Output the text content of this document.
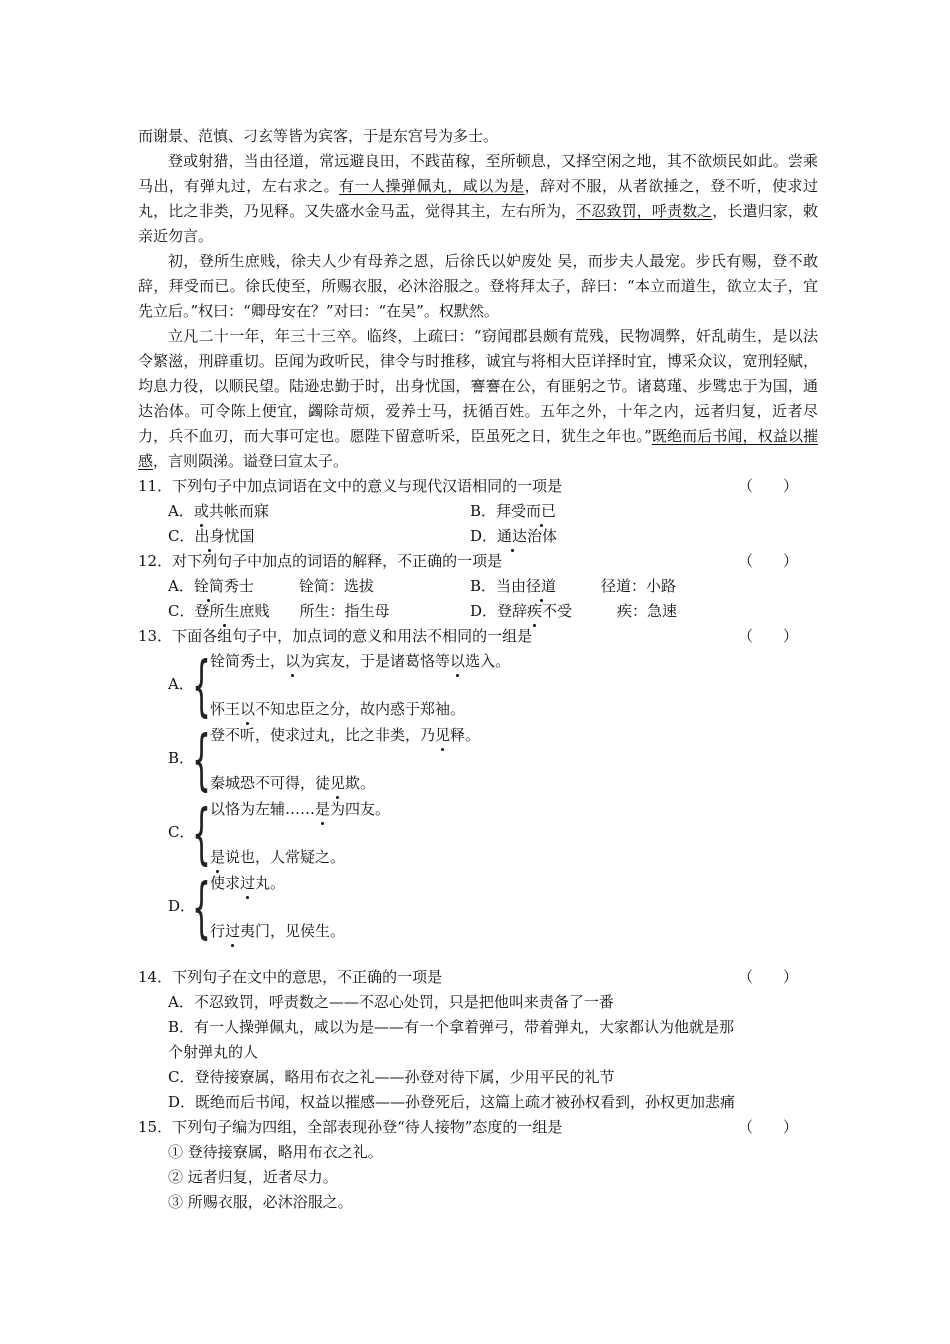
而谢景、范慎、刁玄等皆为宾客，于是东宫号为多士。

登或射猎，当由径道，常远避良田，不践苗稼，至所顿息，又择空闲之地，其不欲烦民如此。尝乘马出，有弹丸过，左右求之。有一人操弹佩丸，咸以为是，辞对不服，从者欲捶之，登不听，使求过丸，比之非类，乃见释。又失盛水金马盂，觉得其主，左右所为，不忍致罚，呼责数之，长遣归家，敕亲近勿言。

初，登所生庶贱，徐夫人少有母养之恩，后徐氏以妒废处 吴，而步夫人最宠。步氏有赐，登不敢辞，拜受而已。徐氏使至，所赐衣服，必沐浴服之。登将拜太子，辞曰：“本立而道生，欲立太子，宜先立后。”权曰：“卿母安在？”对曰：“在吴”。权默然。

立凡二十一年，年三十三卒。临终，上疏曰：“窃闻郡县颇有荒残，民物凋弊，奸乱萌生，是以法令繁滋，刑辟重切。臣闻为政听民，律令与时推移，诚宜与将相大臣详择时宜，博采众议，宽刑轻赋，均息力役，以顺民望。陆逊忠勤于时，出身忧国，謇謇在公，有匪躬之节。诸葛瑾、步骘忠于为国，通达治体。可令陈上便宜，蠲除苛烦，爱养士马，抚循百姓。五年之外，十年之内，远者归复，近者尽力，兵不血刃，而大事可定也。愿陛下留意听采，臣虽死之日，犹生之年也。”既绝而后书闻，权益以摧感，言则陨涕。谥登曰宣太子。

11．下列句子中加点词语在文中的意义与现代汉语相同的一项是	（　　）
A．或共帐而寐	B．拜受而已
C．出身忧国	D．通达治体
12．对下列句子中加点的词语的解释，不正确的一项是	（　　）
A．铨简秀士　　　铨简：选拔	B．当由径道　　　径道：小路
C．登所生庶贱　　所生：指生母	D．登辞疾不受　　　疾：急速
13．下面各组句子中，加点词的意义和用法不相同的一组是	（　　）
A．
{ 铨简秀士，以为宾友，于是诸葛恪等以选入。
怀王以不知忠臣之分，故内惑于郑袖。
B．
{ 登不听，使求过丸，比之非类，乃见释。
秦城恐不可得，徒见欺。
C．
{ 以恪为左辅……是为四友。
是说也，人常疑之。
D．
{ 使求过丸。
行过夷门，见侯生。
14．下列句子在文中的意思，不正确的一项是	（　　）
A．不忍致罚，呼责数之——不忍心处罚，只是把他叫来责备了一番
B．有一人操弹佩丸，咸以为是——有一个拿着弹弓，带着弹丸，大家都认为他就是那
个射弹丸的人
C．登待接寮属，略用布衣之礼——孙登对待下属，少用平民的礼节
D．既绝而后书闻，权益以摧感——孙登死后，这篇上疏才被孙权看到，孙权更加悲痛
15．下列句子编为四组，全部表现孙登“待人接物”态度的一组是	（　　）
① 登待接寮属，略用布衣之礼。
② 远者归复，近者尽力。
③ 所赐衣服，必沐浴服之。
